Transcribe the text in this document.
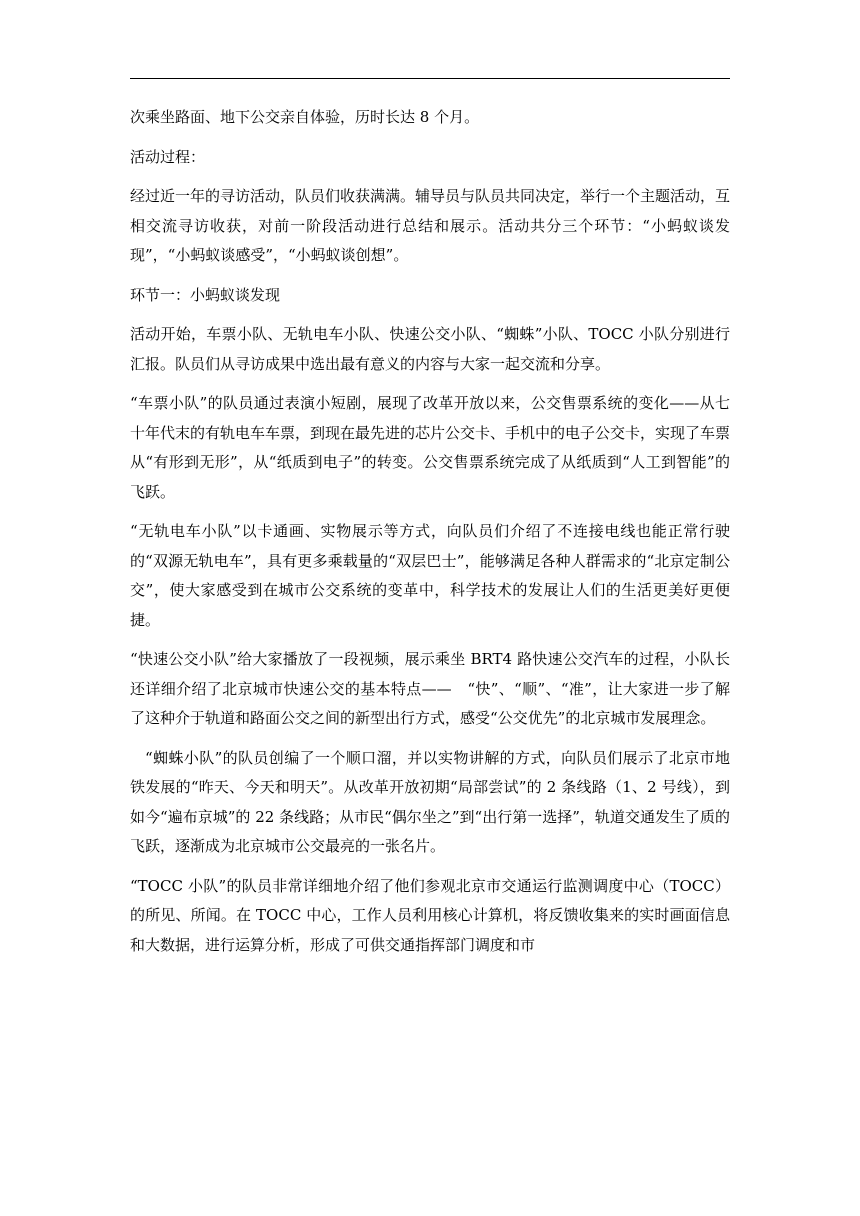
次乘坐路面、地下公交亲自体验，历时长达 8 个月。

活动过程：

经过近一年的寻访活动，队员们收获满满。辅导员与队员共同决定，举行一个主题活动，互相交流寻访收获，对前一阶段活动进行总结和展示。活动共分三个环节：“小蚂蚁谈发现”，“小蚂蚁谈感受”，“小蚂蚁谈创想”。

环节一：小蚂蚁谈发现

活动开始，车票小队、无轨电车小队、快速公交小队、“蜘蛛”小队、TOCC 小队分别进行汇报。队员们从寻访成果中选出最有意义的内容与大家一起交流和分享。

“车票小队”的队员通过表演小短剧，展现了改革开放以来，公交售票系统的变化——从七十年代末的有轨电车车票，到现在最先进的芯片公交卡、手机中的电子公交卡，实现了车票从“有形到无形”，从“纸质到电子”的转变。公交售票系统完成了从纸质到“人工到智能”的飞跃。

“无轨电车小队”以卡通画、实物展示等方式，向队员们介绍了不连接电线也能正常行驶的“双源无轨电车”，具有更多乘载量的“双层巴士”，能够满足各种人群需求的“北京定制公交”，使大家感受到在城市公交系统的变革中，科学技术的发展让人们的生活更美好更便捷。

“快速公交小队”给大家播放了一段视频，展示乘坐 BRT4 路快速公交汽车的过程，小队长还详细介绍了北京城市快速公交的基本特点——　“快”、“顺”、“准”，让大家进一步了解了这种介于轨道和路面公交之间的新型出行方式，感受“公交优先”的北京城市发展理念。

“蜘蛛小队”的队员创编了一个顺口溜，并以实物讲解的方式，向队员们展示了北京市地铁发展的“昨天、今天和明天”。从改革开放初期“局部尝试”的 2 条线路（1、2 号线），到如今“遍布京城”的 22 条线路；从市民“偶尔坐之”到“出行第一选择”，轨道交通发生了质的飞跃，逐渐成为北京城市公交最亮的一张名片。

“TOCC 小队”的队员非常详细地介绍了他们参观北京市交通运行监测调度中心（TOCC）的所见、所闻。在 TOCC 中心，工作人员利用核心计算机，将反馈收集来的实时画面信息和大数据，进行运算分析，形成了可供交通指挥部门调度和市
